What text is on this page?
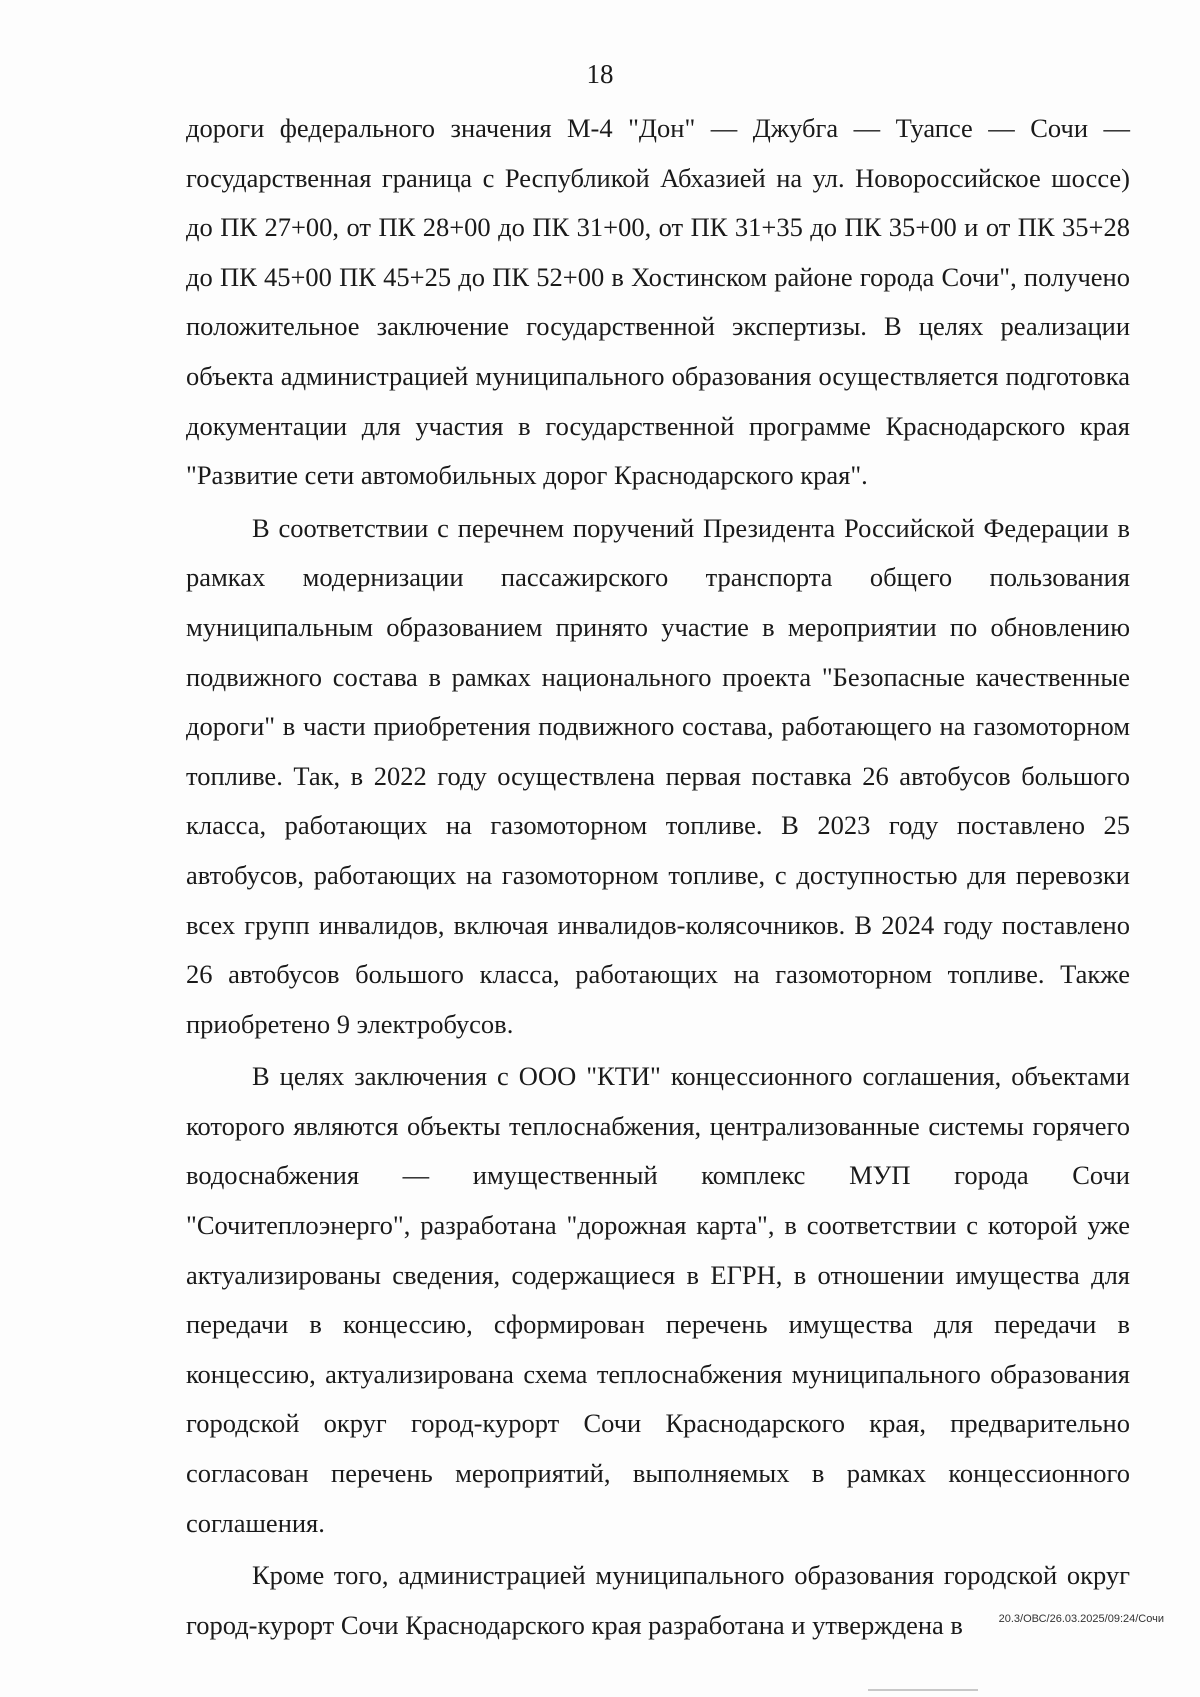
18

дороги федерального значения М-4 "Дон" — Джубга — Туапсе — Сочи — государственная граница с Республикой Абхазией на ул. Новороссийское шоссе) до ПК 27+00, от ПК 28+00 до ПК 31+00, от ПК 31+35 до ПК 35+00 и от ПК 35+28 до ПК 45+00 ПК 45+25 до ПК 52+00 в Хостинском районе города Сочи", получено положительное заключение государственной экспертизы. В целях реализации объекта администрацией муниципального образования осуществляется подготовка документации для участия в государственной программе Краснодарского края "Развитие сети автомобильных дорог Краснодарского края".

В соответствии с перечнем поручений Президента Российской Федерации в рамках модернизации пассажирского транспорта общего пользования муниципальным образованием принято участие в мероприятии по обновлению подвижного состава в рамках национального проекта "Безопасные качественные дороги" в части приобретения подвижного состава, работающего на газомоторном топливе. Так, в 2022 году осуществлена первая поставка 26 автобусов большого класса, работающих на газомоторном топливе. В 2023 году поставлено 25 автобусов, работающих на газомоторном топливе, с доступностью для перевозки всех групп инвалидов, включая инвалидов-колясочников. В 2024 году поставлено 26 автобусов большого класса, работающих на газомоторном топливе. Также приобретено 9 электробусов.

В целях заключения с ООО "КТИ" концессионного соглашения, объектами которого являются объекты теплоснабжения, централизованные системы горячего водоснабжения — имущественный комплекс МУП города Сочи "Сочитеплоэнерго", разработана "дорожная карта", в соответствии с которой уже актуализированы сведения, содержащиеся в ЕГРН, в отношении имущества для передачи в концессию, сформирован перечень имущества для передачи в концессию, актуализирована схема теплоснабжения муниципального образования городской округ город-курорт Сочи Краснодарского края, предварительно согласован перечень мероприятий, выполняемых в рамках концессионного соглашения.

Кроме того, администрацией муниципального образования городской округ город-курорт Сочи Краснодарского края разработана и утверждена в	20.3/ОВС/26.03.2025/09:24/Сочи
